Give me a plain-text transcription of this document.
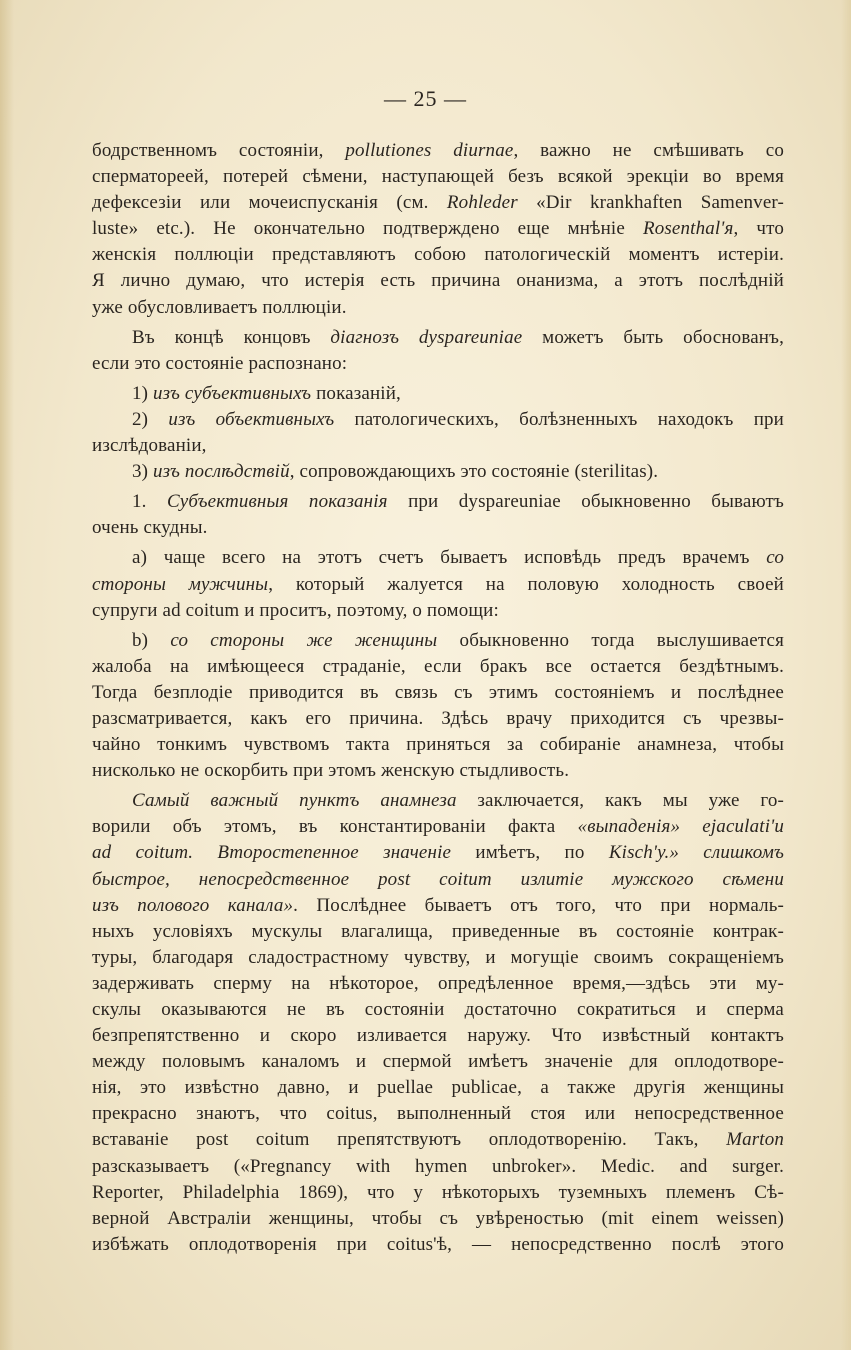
— 25 —
бодрственномъ состояніи, pollutiones diurnae, важно не смѣшивать со
сперматореей, потерей сѣмени, наступающей безъ всякой эрекціи во время
дефексезіи или мочеиспусканія (см. Rohleder «Dir krankhaften Samenver-
luste» etc.). Не окончательно подтверждено еще мнѣніе Rosenthal'я, что
женскія поллюціи представляютъ собою патологическій моментъ истеріи.
Я лично думаю, что истерія есть причина онанизма, а этотъ послѣдній
уже обусловливаетъ поллюціи.
Въ концѣ концовъ діагнозъ dyspareuniae можетъ быть обоснованъ,
если это состояніе распознано:
1) изъ субъективныхъ показаній,
2) изъ объективныхъ патологическихъ, болѣзненныхъ находокъ при
изслѣдованіи,
3) изъ послѣдствій, сопровождающихъ это состояніе (sterilitas).
1. Субъективныя показанія при dyspareuniae обыкновенно бываютъ
очень скудны.
a) чаще всего на этотъ счетъ бываетъ исповѣдь предъ врачемъ со
стороны мужчины, который жалуется на половую холодность своей
супруги ad coitum и проситъ, поэтому, о помощи:
b) со стороны же женщины обыкновенно тогда выслушивается
жалоба на имѣющееся страданіе, если бракъ все остается бездѣтнымъ.
Тогда безплодіе приводится въ связь съ этимъ состояніемъ и послѣднее
разсматривается, какъ его причина. Здѣсь врачу приходится съ чрезвы-
чайно тонкимъ чувствомъ такта приняться за собираніе анамнеза, чтобы
нисколько не оскорбить при этомъ женскую стыдливость.
Самый важный пунктъ анамнеза заключается, какъ мы уже го-
ворили объ этомъ, въ константированіи факта «выпаденія» ejaculati'и
ad coitum. Второстепенное значеніе имѣетъ, по Kisch'у.» слишкомъ
быстрое, непосредственное post coitum излитіе мужского сѣмени
изъ полового канала». Послѣднее бываетъ отъ того, что при нормаль-
ныхъ условіяхъ мускулы влагалища, приведенные въ состояніе контрак-
туры, благодаря сладострастному чувству, и могущіе своимъ сокращеніемъ
задерживать сперму на нѣкоторое, опредѣленное время,—здѣсь эти му-
скулы оказываются не въ состояніи достаточно сократиться и сперма
безпрепятственно и скоро изливается наружу. Что извѣстный контактъ
между половымъ каналомъ и спермой имѣетъ значеніе для оплодотворе-
нія, это извѣстно давно, и puellae publicae, а также другія женщины
прекрасно знаютъ, что coitus, выполненный стоя или непосредственное
вставаніе post coitum препятствуютъ оплодотворенію. Такъ, Marton
разсказываетъ («Pregnancy with hymen unbroker». Medic. and surger.
Reporter, Philadelphia 1869), что у нѣкоторыхъ туземныхъ племенъ Сѣ-
верной Австраліи женщины, чтобы съ увѣреностью (mit einem weissen)
избѣжать оплодотворенія при coitus'ѣ, — непосредственно послѣ этого
